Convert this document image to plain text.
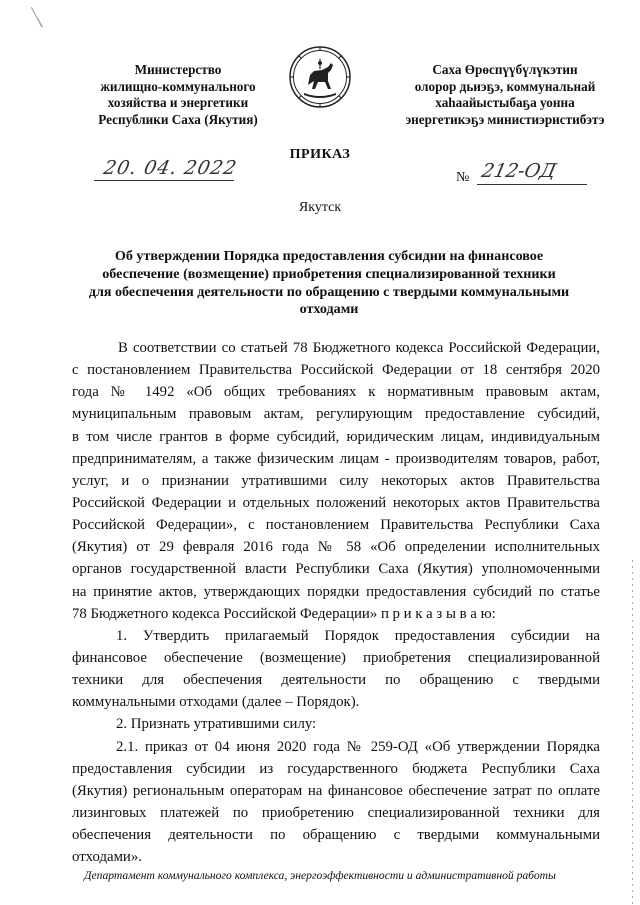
Министерство
жилищно-коммунального
хозяйства и энергетики
Республики Саха (Якутия)
Саха Өрөспүүбүлүкэтин
олорор дьиэҕэ, коммунальнай
хаһаайыстыбаҕа уонна
энергетикэҕэ министиэристибэтэ
ПРИКАЗ
20. 04. 2022	№ 212-ОД
Якутск
Об утверждении Порядка предоставления субсидии на финансовое
обеспечение (возмещение) приобретения специализированной техники
для обеспечения деятельности по обращению с твердыми коммунальными
отходами
В соответствии со статьей 78 Бюджетного кодекса Российской Федерации,
с постановлением Правительства Российской Федерации от 18 сентября 2020
года № 1492 «Об общих требованиях к нормативным правовым актам,
муниципальным правовым актам, регулирующим предоставление субсидий,
в том числе грантов в форме субсидий, юридическим лицам, индивидуальным
предпринимателям, а также физическим лицам - производителям товаров, работ,
услуг, и о признании утратившими силу некоторых актов Правительства
Российской Федерации и отдельных положений некоторых актов Правительства
Российской Федерации», с постановлением Правительства Республики Саха
(Якутия) от 29 февраля 2016 года № 58 «Об определении исполнительных
органов государственной власти Республики Саха (Якутия) уполномоченными
на принятие актов, утверждающих порядки предоставления субсидий по статье
78 Бюджетного кодекса Российской Федерации» п р и к а з ы в а ю:
1. Утвердить прилагаемый Порядок предоставления субсидии на
финансовое обеспечение (возмещение) приобретения специализированной
техники для обеспечения деятельности по обращению с твердыми
коммунальными отходами (далее – Порядок).
2. Признать утратившими силу:
2.1. приказ от 04 июня 2020 года № 259-ОД «Об утверждении Порядка
предоставления субсидии из государственного бюджета Республики Саха
(Якутия) региональным операторам на финансовое обеспечение затрат по оплате
лизинговых платежей по приобретению специализированной техники для
обеспечения деятельности по обращению с твердыми коммунальными
отходами».
Департамент коммунального комплекса, энергоэффективности и административной работы
